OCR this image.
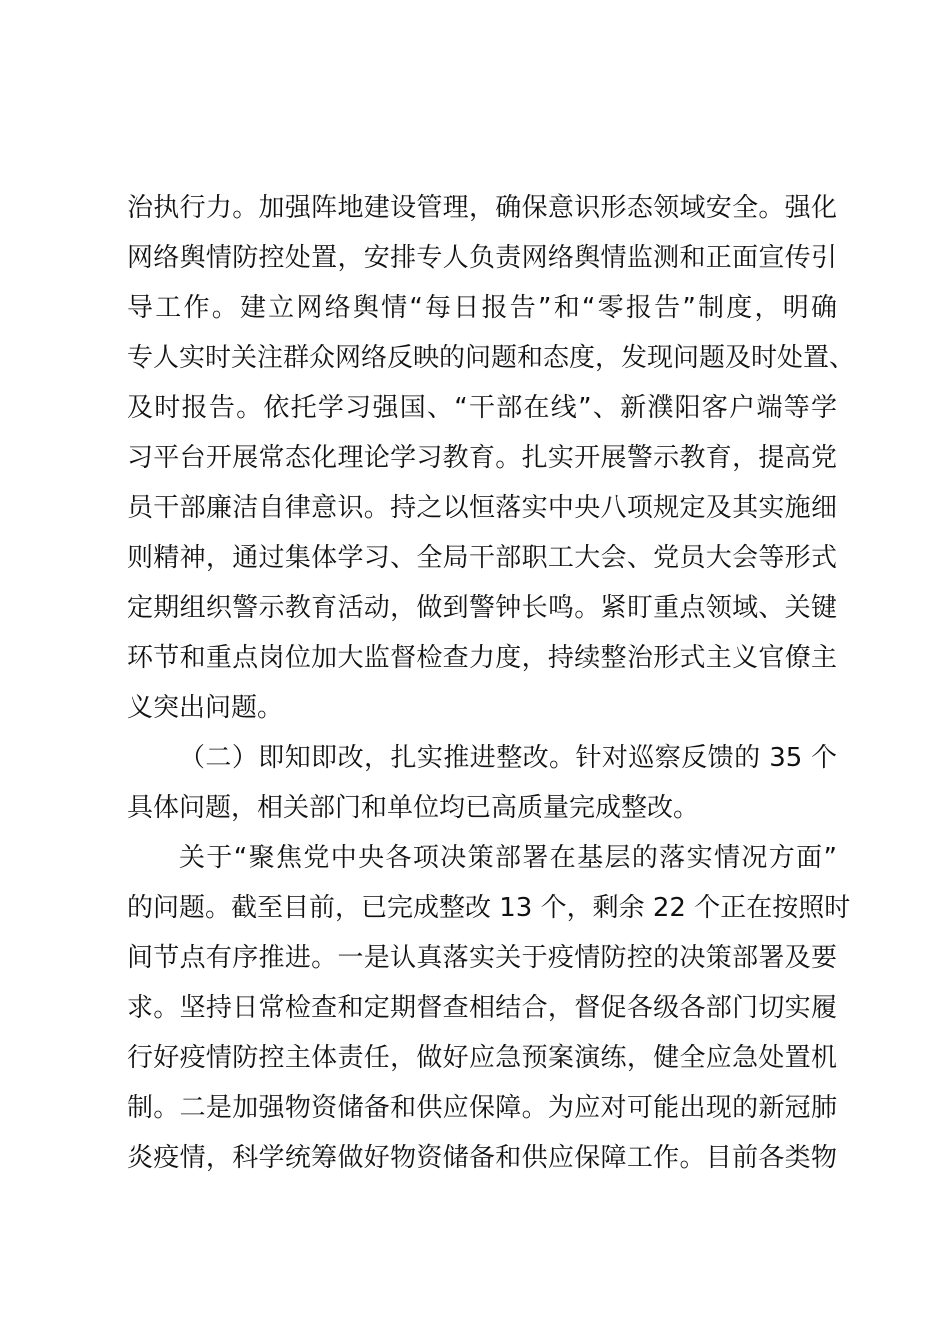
治执行力。加强阵地建设管理，确保意识形态领域安全。强化
网络舆情防控处置，安排专人负责网络舆情监测和正面宣传引
导工作。建立网络舆情“每日报告”和“零报告”制度，明确
专人实时关注群众网络反映的问题和态度，发现问题及时处置、
及时报告。依托学习强国、“干部在线”、新濮阳客户端等学
习平台开展常态化理论学习教育。扎实开展警示教育，提高党
员干部廉洁自律意识。持之以恒落实中央八项规定及其实施细
则精神，通过集体学习、全局干部职工大会、党员大会等形式
定期组织警示教育活动，做到警钟长鸣。紧盯重点领域、关键
环节和重点岗位加大监督检查力度，持续整治形式主义官僚主
义突出问题。
（二）即知即改，扎实推进整改。针对巡察反馈的 35 个
具体问题，相关部门和单位均已高质量完成整改。
关于“聚焦党中央各项决策部署在基层的落实情况方面”
的问题。截至目前，已完成整改 13 个，剩余 22 个正在按照时
间节点有序推进。一是认真落实关于疫情防控的决策部署及要
求。坚持日常检查和定期督查相结合，督促各级各部门切实履
行好疫情防控主体责任，做好应急预案演练，健全应急处置机
制。二是加强物资储备和供应保障。为应对可能出现的新冠肺
炎疫情，科学统筹做好物资储备和供应保障工作。目前各类物
